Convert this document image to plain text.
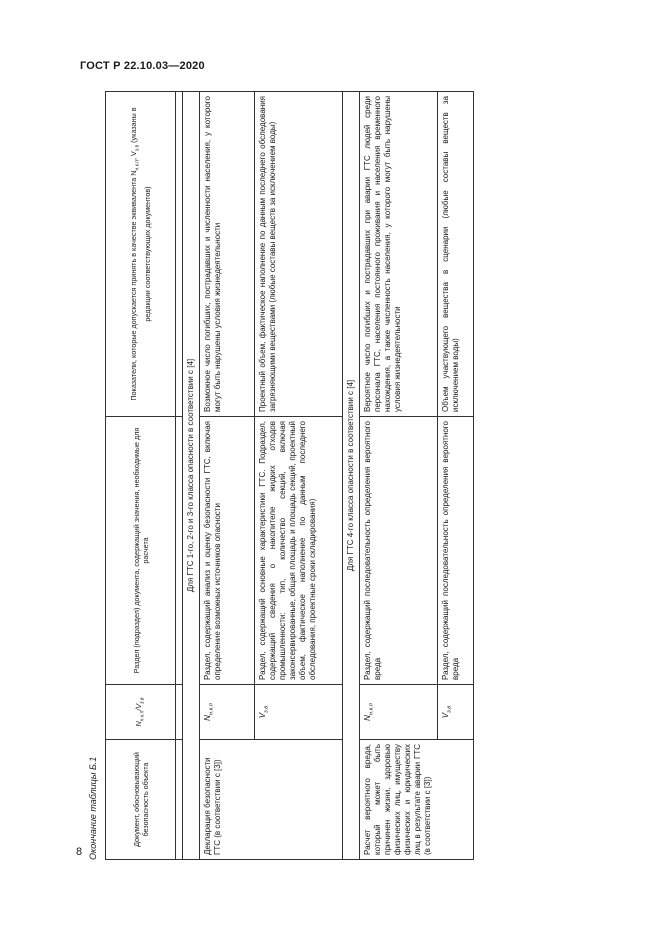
ГОСТ Р 22.10.03—2020
Окончание таблицы Б.1	Документ, обосновывающий безопасность объекта	$N_{н.к.п}/V_{з.в}$	Раздел (подраздел) документа, содержащий значения, необходимые для расчета	Показатели, которые допускается принять в качестве эквивалента $N_{н.к.п}$, $V_{з.в}$ (указаны в редакции соответствующих документов)

Для ГТС 1-го, 2-го и 3-го класса опасности в соответствии с [4]			
Декларация безопасности ГТС (в соответствии с [3])	$N_{н.к.п}$	Раздел, содержащий анализ и оценку безопасности ГТС, включая определение возможных источников опасности	Возможное число погибших, пострадавших и численности населения, у которого могут быть нарушены условия жизнедеятельности
	$V_{з.в}$	Раздел, содержащий основные характеристики ГТС. Подраздел, содержащий сведения о накопителе жидких отходов промышленности: тип, количество секций, включая законсервированные, общая площадь и площадь секций, проектный объем, фактическое наполнение по данным последнего обследования, проектные сроки складирования)	Проектный объем, фактическое наполнение по данным последнего обследования загрязняющими веществами (любые составы веществ за исключением воды)
Для ГТС 4-го класса опасности в соответствии с [4]			
Расчет вероятного вреда, который может быть причинен жизни, здоровью физических лиц, имуществу физических и юридических лиц в результате аварии ГТС (в соответствии с [3])	$N_{н.к.п}$	Раздел, содержащий последовательность определения вероятного вреда	Вероятное число погибших и пострадавших при аварии ГТС людей среди персонала ГТС, населения постоянного проживания и населения временного нахождения, а также численность населения, у которого могут быть нарушены условия жизнедеятельности
	$V_{з.в}$	Раздел, содержащий последовательность определения вероятного вреда	Объем участвующего вещества в сценарии (любые составы веществ за исключением воды)
8
